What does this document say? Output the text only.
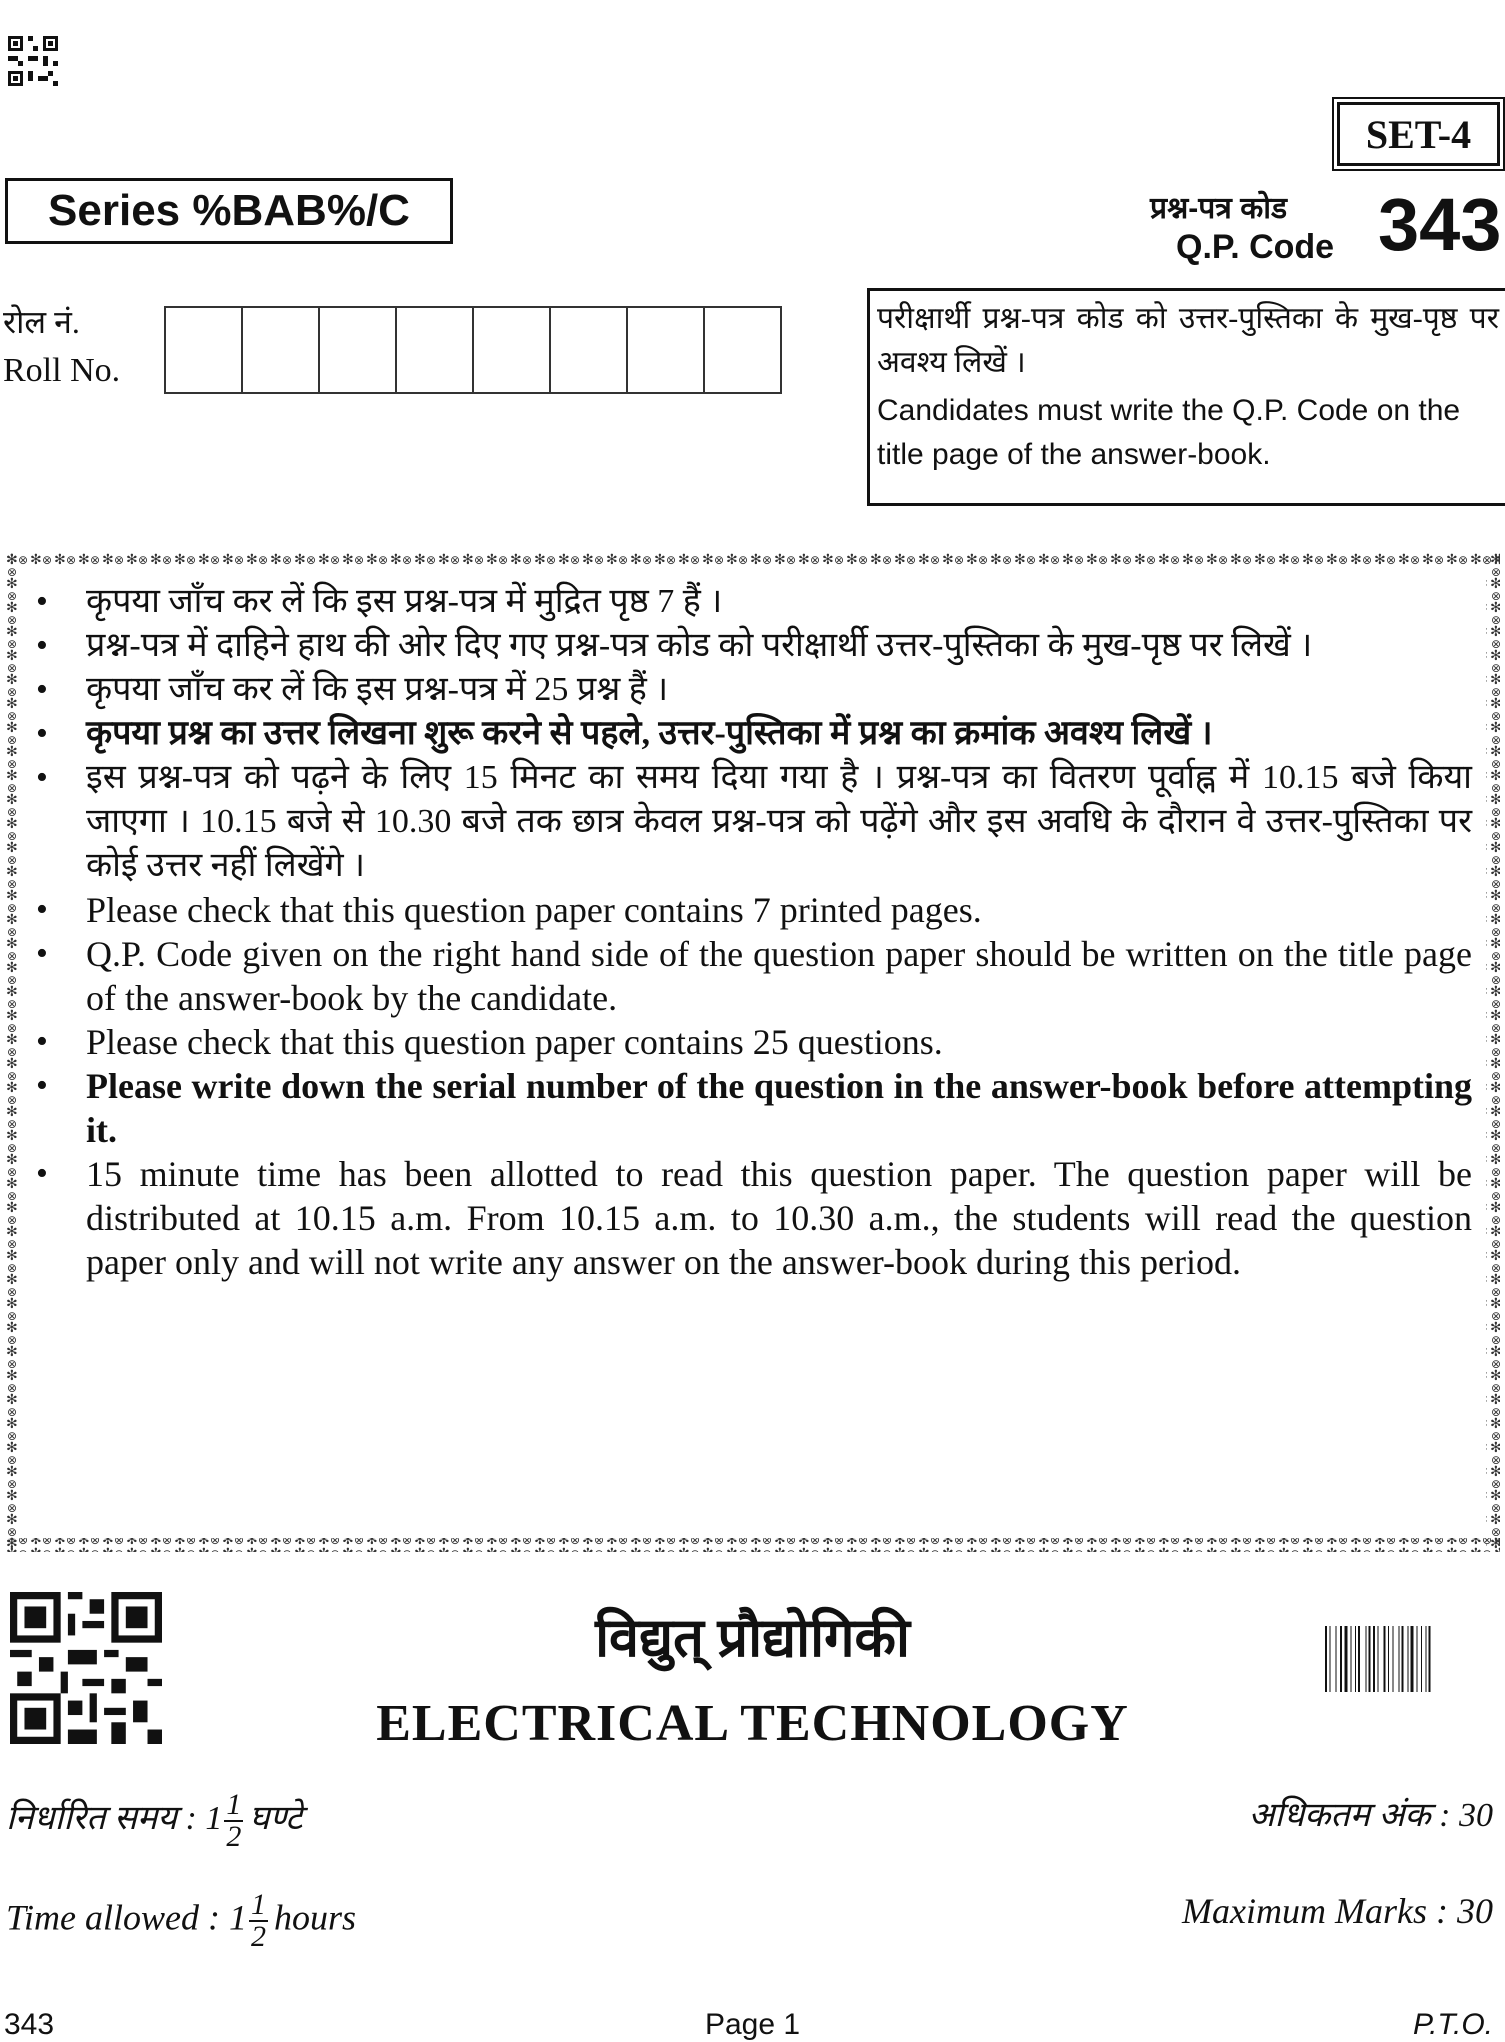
SET-4
Series %BAB%/C	प्रश्न-पत्र कोड
Q.P. Code 343
रोल नं.
Roll No.
परीक्षार्थी प्रश्न-पत्र कोड को उत्तर-पुस्तिका के मुख-पृष्ठ पर अवश्य लिखें ।
Candidates must write the Q.P. Code on the title page of the answer-book.
•	कृपया जाँच कर लें कि इस प्रश्न-पत्र में मुद्रित पृष्ठ 7 हैं ।
•	प्रश्न-पत्र में दाहिने हाथ की ओर दिए गए प्रश्न-पत्र कोड को परीक्षार्थी उत्तर-पुस्तिका के मुख-पृष्ठ पर लिखें ।
•	कृपया जाँच कर लें कि इस प्रश्न-पत्र में 25 प्रश्न हैं ।
•	कृपया प्रश्न का उत्तर लिखना शुरू करने से पहले, उत्तर-पुस्तिका में प्रश्न का क्रमांक अवश्य लिखें ।
•	इस प्रश्न-पत्र को पढ़ने के लिए 15 मिनट का समय दिया गया है । प्रश्न-पत्र का वितरण पूर्वाह्न में 10.15 बजे किया जाएगा । 10.15 बजे से 10.30 बजे तक छात्र केवल प्रश्न-पत्र को पढ़ेंगे और इस अवधि के दौरान वे उत्तर-पुस्तिका पर कोई उत्तर नहीं लिखेंगे ।
•	Please check that this question paper contains 7 printed pages.
•	Q.P. Code given on the right hand side of the question paper should be written on the title page of the answer-book by the candidate.
•	Please check that this question paper contains 25 questions.
•	Please write down the serial number of the question in the answer-book before attempting it.
•	15 minute time has been allotted to read this question paper. The question paper will be distributed at 10.15 a.m. From 10.15 a.m. to 10.30 a.m., the students will read the question paper only and will not write any answer on the answer-book during this period.
विद्युत् प्रौद्योगिकी
ELECTRICAL TECHNOLOGY
निर्धारित समय : $1 \frac{1}{2}$ घण्टे	अधिकतम अंक : 30
Time allowed : $1 \frac{1}{2}$ hours	Maximum Marks : 30
343	Page 1	P.T.O.
